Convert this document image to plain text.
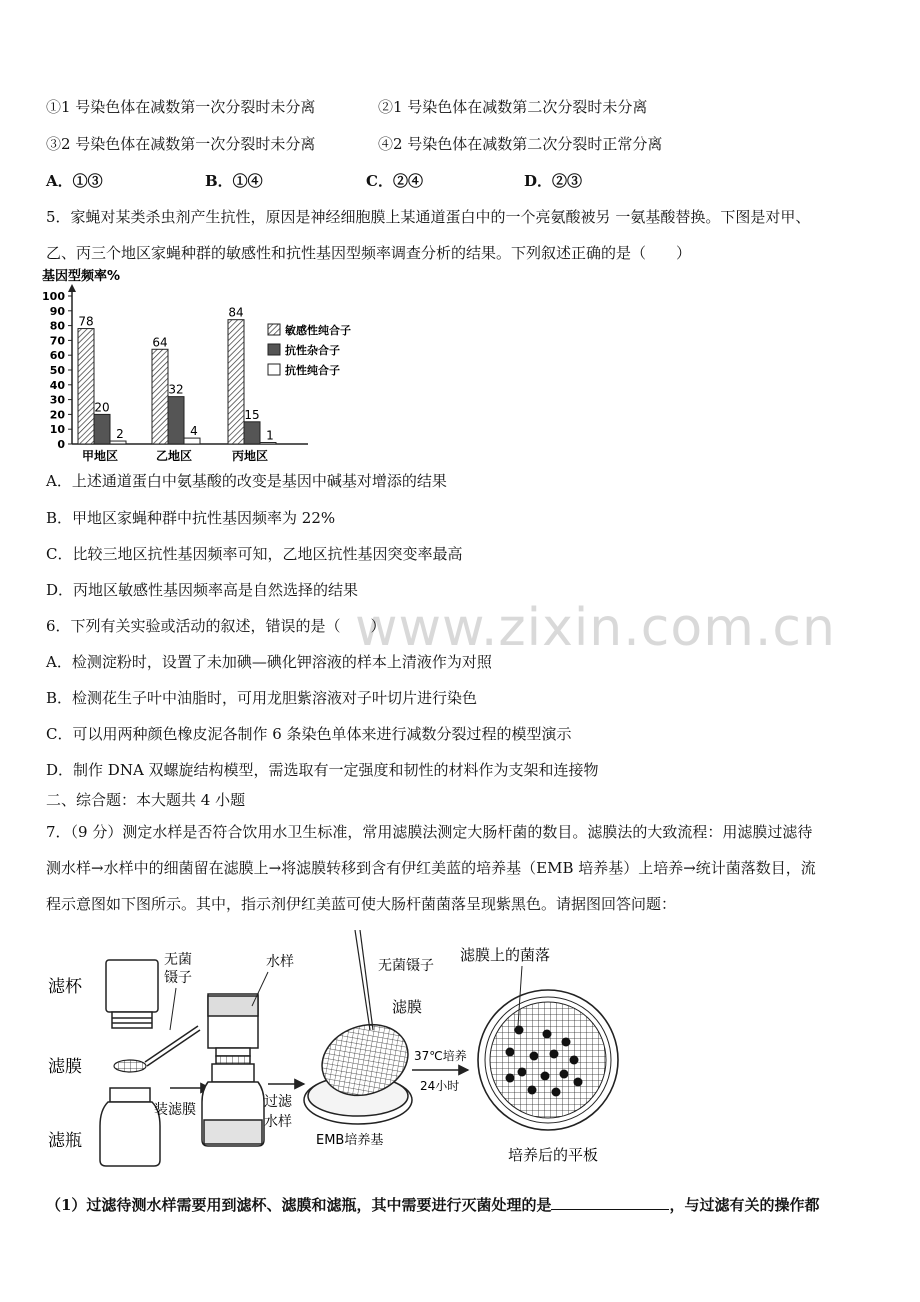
www.zixin.com.cn
①1 号染色体在减数第一次分裂时未分离	②1 号染色体在减数第二次分裂时未分离
③2 号染色体在减数第一次分裂时未分离	④2 号染色体在减数第二次分裂时正常分离
A．①③	B．①④	C．②④	D．②③
5．家蝇对某类杀虫剂产生抗性，原因是神经细胞膜上某通道蛋白中的一个亮氨酸被另 一氨基酸替换。下图是对甲、
乙、丙三个地区家蝇种群的敏感性和抗性基因型频率调查分析的结果。下列叙述正确的是（　　）
基因型频率%
0
10
20
30
40
50
60
70
80
90
100
78
20
2
甲地区
64
32
4
乙地区
84
15
1
丙地区
敏感性纯合子
抗性杂合子
抗性纯合子
A．上述通道蛋白中氨基酸的改变是基因中碱基对增添的结果
B．甲地区家蝇种群中抗性基因频率为 22%
C．比较三地区抗性基因频率可知，乙地区抗性基因突变率最高
D．丙地区敏感性基因频率高是自然选择的结果
6．下列有关实验或活动的叙述，错误的是（　　）
A．检测淀粉时，设置了未加碘—碘化钾溶液的样本上清液作为对照
B．检测花生子叶中油脂时，可用龙胆紫溶液对子叶切片进行染色
C．可以用两种颜色橡皮泥各制作 6 条染色单体来进行减数分裂过程的模型演示
D．制作 DNA 双螺旋结构模型，需选取有一定强度和韧性的材料作为支架和连接物
二、综合题：本大题共 4 小题
7．（9 分）测定水样是否符合饮用水卫生标准，常用滤膜法测定大肠杆菌的数目。滤膜法的大致流程：用滤膜过滤待
测水样→水样中的细菌留在滤膜上→将滤膜转移到含有伊红美蓝的培养基（EMB 培养基）上培养→统计菌落数目，流
程示意图如下图所示。其中，指示剂伊红美蓝可使大肠杆菌菌落呈现紫黑色。请据图回答问题：
滤杯
滤膜
滤瓶
无菌镊子
装滤膜
水样
过滤水样
无菌镊子
滤膜
EMB培养基
37℃培养
24小时
滤膜上的菌落
培养后的平板
（1）过滤待测水样需要用到滤杯、滤膜和滤瓶，其中需要进行灭菌处理的是	，与过滤有关的操作都
